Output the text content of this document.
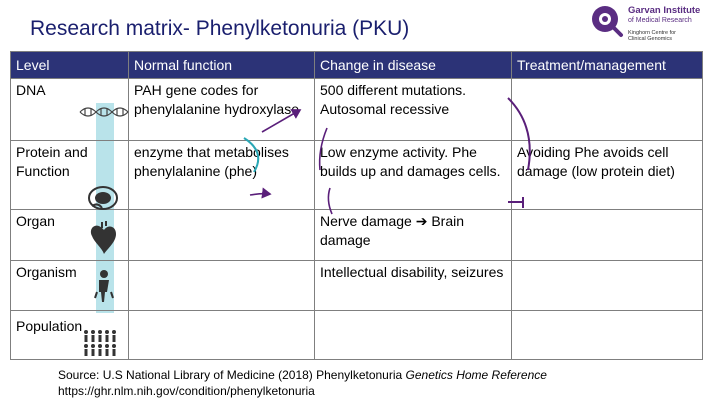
Research matrix- Phenylketonuria (PKU)
Garvan Institute
of Medical Research
Kinghorn Centre for
Clinical Genomics
Level	Normal function	Change in disease	Treatment/management
DNA	PAH gene codes for phenylalanine hydroxylase	500 different mutations. Autosomal recessive	
Protein and Function	enzyme that metabolises phenylalanine (phe)	Low enzyme activity. Phe builds up and damages cells.	Avoiding Phe avoids cell damage (low protein diet)
Organ		Nerve damage ➔ Brain damage	
Organism		Intellectual disability, seizures	
Population			
Source: U.S National Library of Medicine (2018) Phenylketonuria Genetics Home Reference
https://ghr.nlm.nih.gov/condition/phenylketonuria
